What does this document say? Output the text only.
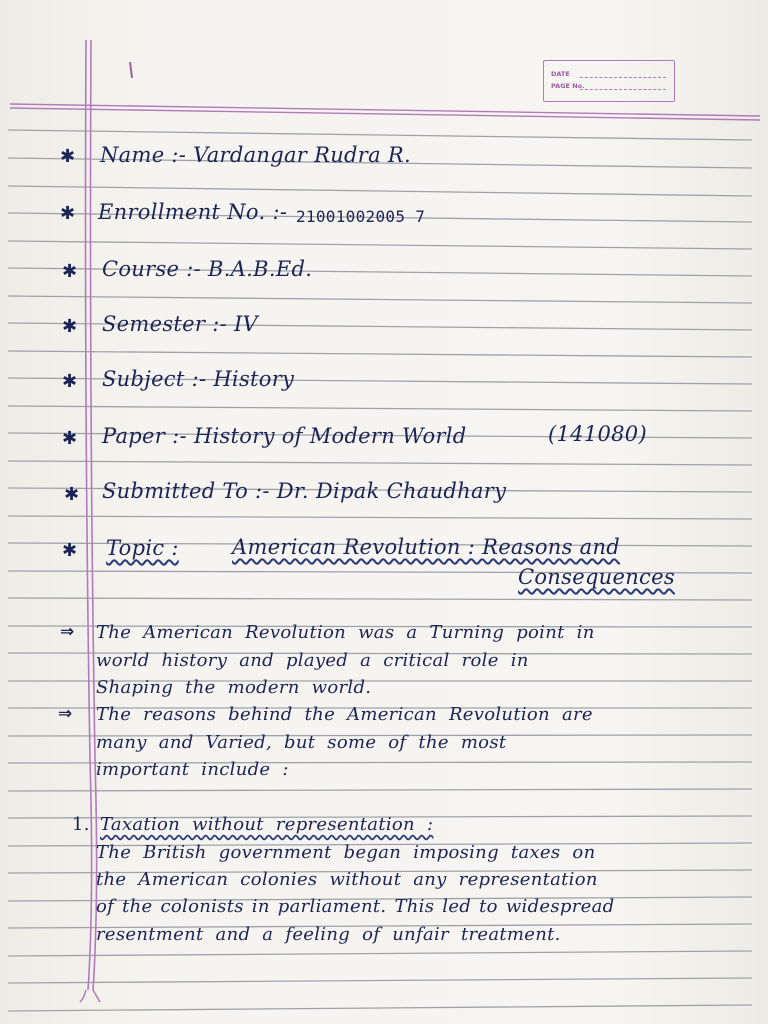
DATE
PAGE No.
✱ Name :- Vardangar Rudra R.
✱ Enrollment No. :- 21001002005 7
✱ Course :- B.A.B.Ed.
✱ Semester :- IV
✱ Subject :- History
✱ Paper :- History of Modern World	(141080)
✱ Submitted To :- Dr. Dipak Chaudhary
✱ Topic :	American Revolution : Reasons and
Consequences
⇒ The American Revolution was a Turning point in
world history and played a critical role in
Shaping the modern world.
⇒ The reasons behind the American Revolution are
many and Varied, but some of the most
important include :
1. Taxation without representation :
The British government began imposing taxes on
the American colonies without any representation
of the colonists in parliament. This led to widespread
resentment and a feeling of unfair treatment.
